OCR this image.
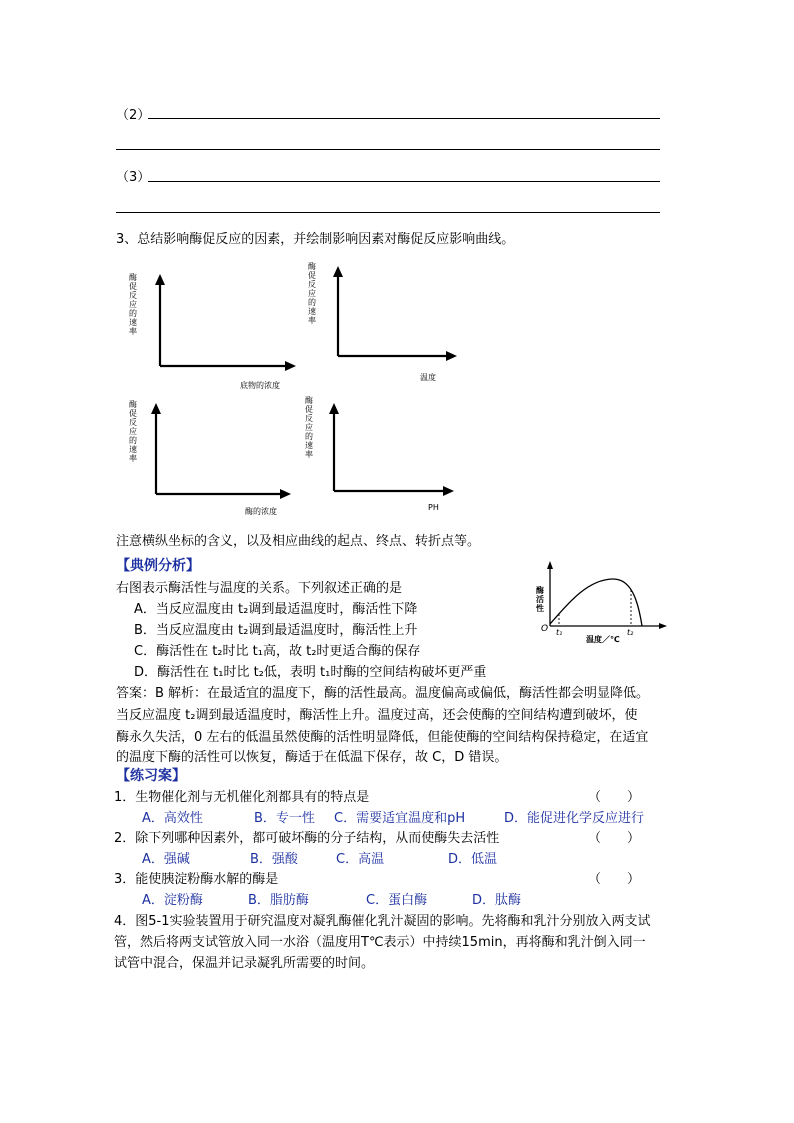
（2）
（3）
3、总结影响酶促反应的因素，并绘制影响因素对酶促反应影响曲线。
酶促反应的速率
底物的浓度
酶促反应的速率
温度
酶促反应的速率
酶的浓度
酶促反应的速率
PH
注意横纵坐标的含义，以及相应曲线的起点、终点、转折点等。
【典例分析】
右图表示酶活性与温度的关系。下列叙述正确的是
A．当反应温度由 t₂调到最适温度时，酶活性下降
B．当反应温度由 t₂调到最适温度时，酶活性上升
C．酶活性在 t₂时比 t₁高，故 t₂时更适合酶的保存
D．酶活性在 t₁时比 t₂低，表明 t₁时酶的空间结构破坏更严重
酶活性
O t₁	t₂
温度／℃
答案：B 解析：在最适宜的温度下，酶的活性最高。温度偏高或偏低，酶活性都会明显降低。
当反应温度 t₂调到最适温度时，酶活性上升。温度过高，还会使酶的空间结构遭到破坏，使
酶永久失活，0 左右的低温虽然使酶的活性明显降低，但能使酶的空间结构保持稳定，在适宜
的温度下酶的活性可以恢复，酶适于在低温下保存，故 C，D 错误。
【练习案】
1．生物催化剂与无机催化剂都具有的特点是	（　　）
A．高效性	B．专一性 C．需要适宜温度和pH	D．能促进化学反应进行
2．除下列哪种因素外，都可破坏酶的分子结构，从而使酶失去活性	（　　）
A．强碱	B．强酸	C．高温	D．低温
3．能使胰淀粉酶水解的酶是	（　　）
A．淀粉酶	B．脂肪酶	C．蛋白酶	D．肽酶
4．图5-1实验装置用于研究温度对凝乳酶催化乳汁凝固的影响。先将酶和乳汁分别放入两支试
管，然后将两支试管放入同一水浴（温度用T℃表示）中持续15min，再将酶和乳汁倒入同一
试管中混合，保温并记录凝乳所需要的时间。
